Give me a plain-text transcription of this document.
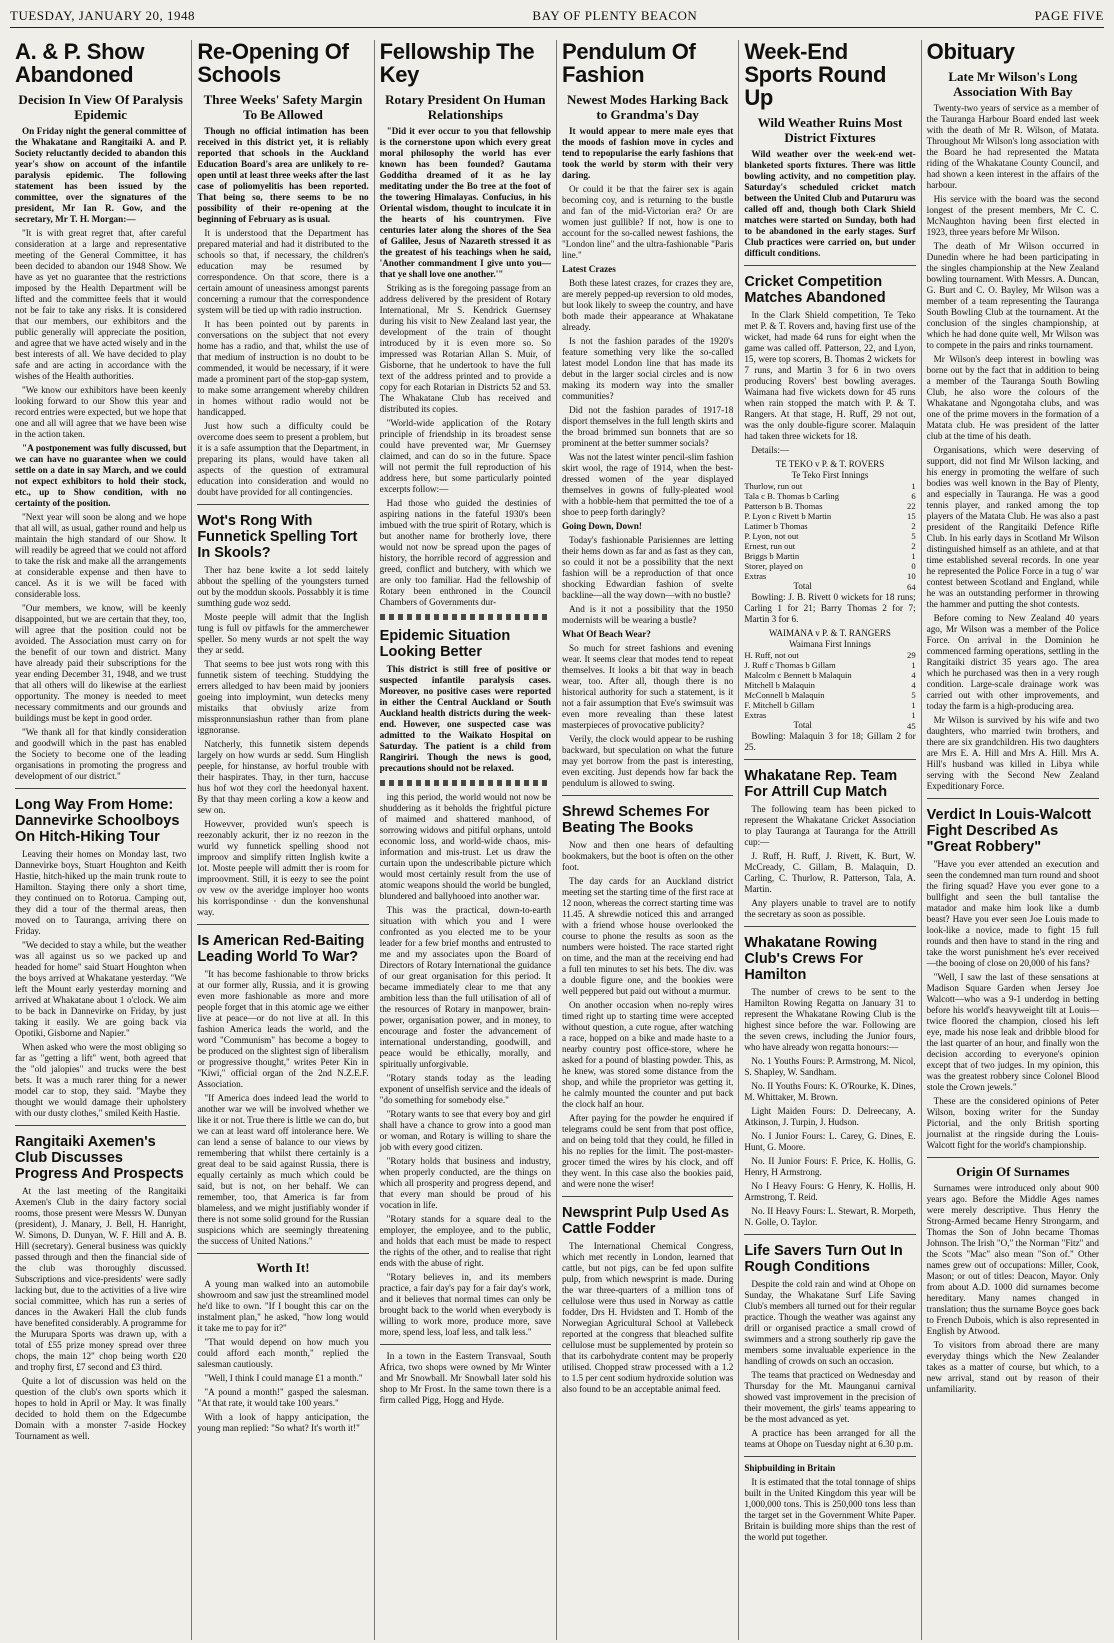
TUESDAY, JANUARY 20, 1948	BAY OF PLENTY BEACON	PAGE FIVE
A. & P. Show Abandoned
Decision In View Of Paralysis Epidemic

On Friday night the general committee of the Whakatane and Rangitaiki A. and P. Society reluctantly decided to abandon this year's show on account of the infantile paralysis epidemic. The following statement has been issued by the committee, over the signatures of the president, Mr Ian R. Gow, and the secretary, Mr T. H. Morgan:—

"It is with great regret that, after careful consideration at a large and representative meeting of the General Committee, it has been decided to abandon our 1948 Show. We have as yet no guarantee that the restrictions imposed by the Health Department will be lifted and the committee feels that it would not be fair to take any risks. It is considered that our members, our exhibitors and the public generally will appreciate the position, and agree that we have acted wisely and in the best interests of all. We have decided to play safe and are acting in accordance with the wishes of the Health authorities.

"We know our exhibitors have been keenly looking forward to our Show this year and record entries were expected, but we hope that one and all will agree that we have been wise in the action taken.

"A postponement was fully discussed, but we can have no guarantee when we could settle on a date in say March, and we could not expect exhibitors to hold their stock, etc., up to Show condition, with no certainty of the position.

"Next year will soon be along and we hope that all will, as usual, gather round and help us maintain the high standard of our Show. It will readily be agreed that we could not afford to take the risk and make all the arrangements at considerable expense and then have to cancel. As it is we will be faced with considerable loss.

"Our members, we know, will be keenly disappointed, but we are certain that they, too, will agree that the position could not be avoided. The Association must carry on for the benefit of our town and district. Many have already paid their subscriptions for the year ending December 31, 1948, and we trust that all others will do likewise at the earliest opportunity. The money is needed to meet necessary commitments and our grounds and buildings must be kept in good order.

"We thank all for that kindly consideration and goodwill which in the past has enabled the Society to become one of the leading organisations in promoting the progress and development of our district."

Long Way From Home: Dannevirke Schoolboys On Hitch-Hiking Tour

Leaving their homes on Monday last, two Dannevirke boys, Stuart Houghton and Keith Hastie, hitch-hiked up the main trunk route to Hamilton. Staying there only a short time, they continued on to Rotorua. Camping out, they did a tour of the thermal areas, then moved on to Tauranga, arriving there on Friday.

"We decided to stay a while, but the weather was all against us so we packed up and headed for home" said Stuart Houghton when the boys arrived at Whakatane yesterday. "We left the Mount early yesterday morning and arrived at Whakatane about 1 o'clock. We aim to be back in Dannevirke on Friday, by just taking it easily. We are going back via Opotiki, Gisborne and Napier."

When asked who were the most obliging so far as "getting a lift" went, both agreed that the "old jalopies" and trucks were the best bets. It was a much rarer thing for a newer model car to stop, they said. "Maybe they thought we would damage their upholstery with our dusty clothes," smiled Keith Hastie.

Rangitaiki Axemen's Club Discusses Progress And Prospects

At the last meeting of the Rangitaiki Axemen's Club in the dairy factory social rooms, those present were Messrs W. Dunyan (president), J. Manary, J. Bell, H. Hanright, W. Simons, D. Dunyan, W. F. Hill and A. B. Hill (secretary). General business was quickly passed through and then the financial side of the club was thoroughly discussed. Subscriptions and vice-presidents' were sadly lacking but, due to the activities of a live wire social committee, which has run a series of dances in the Awakeri Hall the club funds have benefited considerably. A programme for the Murupara Sports was drawn up, with a total of £55 prize money spread over three chops, the main 12" chop being worth £20 and trophy first, £7 second and £3 third.

Quite a lot of discussion was held on the question of the club's own sports which it hopes to hold in April or May. It was finally decided to hold them on the Edgecumbe Domain with a monster 7-aside Hockey Tournament as well.

Re-Opening Of Schools
Three Weeks' Safety Margin To Be Allowed

Though no official intimation has been received in this district yet, it is reliably reported that schools in the Auckland Education Board's area are unlikely to re-open until at least three weeks after the last case of poliomyelitis has been reported. That being so, there seems to be no possibility of their re-opening at the beginning of February as is usual.

It is understood that the Department has prepared material and had it distributed to the schools so that, if necessary, the children's education may be resumed by correspondence. On that score, there is a certain amount of uneasiness amongst parents concerning a rumour that the correspondence system will be tied up with radio instruction.

It has been pointed out by parents in conversations on the subject that not every home has a radio, and that, whilst the use of that medium of instruction is no doubt to be commended, it would be necessary, if it were made a prominent part of the stop-gap system, to make some arrangement whereby children in homes without radio would not be handicapped.

Just how such a difficulty could be overcome does seem to present a problem, but it is a safe assumption that the Department, in preparing its plans, would have taken all aspects of the question of extramural education into consideration and would no doubt have provided for all contingencies.

Wot's Rong With Funnetick Spelling Tort In Skools?

Ther haz bene kwite a lot sedd laitely abbout the spelling of the youngsters turned out by the moddun skools. Possabbly it is time sumthing gude woz sedd.

Moste peeple will admit that the Inglish tung is full ov pitfawls for the ammerchewer speller. So meny wurds ar not spelt the way they ar sedd.

That seems to bee just wots rong with this funnetik sistem of teeching. Studdying the errers alledged to hav been maid by jooniers goeing into imploymint, wun detecks meny mistaiks that obviusly arize from misspronnunsiashun rather than from plane iggnoranse.

Natcherly, this funnetik sistem depends largely on how wurds ar sedd. Sum Hinglish peeple, for hinstanse, av horful trouble with their haspirates. Thay, in ther turn, haccuse hus hof wot they corl the heedonyal haxent. By that thay meen corling a kow a keow and sew on.

Howevver, provided wun's speech is reezonably ackurit, ther iz no reezon in the wurld wy funnetick spelling shood not improov and simplify ritten Inglish kwite a lot. Moste peeple will admitt ther is room for improovment. Still, it is eezy to see the point ov vew ov the averidge imployer hoo wonts his korrispondinse · dun the konvenshunal way.

Is American Red-Baiting Leading World To War?

"It has become fashionable to throw bricks at our former ally, Russia, and it is growing even more fashionable as more and more people forget that in this atomic age we either live at peace—or do not live at all. In this fashion America leads the world, and the word "Communism" has become a bogey to be produced on the slightest sign of liberalism or progressive thought," writes Peter Kin in "Kiwi," official organ of the 2nd N.Z.E.F. Association.

"If America does indeed lead the world to another war we will be involved whether we like it or not. True there is little we can do, but we can at least ward off intolerance here. We can lend a sense of balance to our views by remembering that whilst there certainly is a great deal to be said against Russia, there is equally certainly as much which could be said, but is not, on her behalf. We can remember, too, that America is far from blameless, and we might justifiably wonder if there is not some solid ground for the Russian suspicions which are seemingly threatening the success of United Nations."

Worth It!

A young man walked into an automobile showroom and saw just the streamlined model he'd like to own. "If I bought this car on the instalment plan," he asked, "how long would it take me to pay for it?"

"That would depend on how much you could afford each month," replied the salesman cautiously.

"Well, I think I could manage £1 a month."

"A pound a month!" gasped the salesman. "At that rate, it would take 100 years."

With a look of happy anticipation, the young man replied: "So what? It's worth it!"

Fellowship The Key
Rotary President On Human Relationships

"Did it ever occur to you that fellowship is the cornerstone upon which every great moral philosophy the world has ever known has been founded? Gautama Godditha dreamed of it as he lay meditating under the Bo tree at the foot of the towering Himalayas. Confucius, in his Oriental wisdom, thought to inculcate it in the hearts of his countrymen. Five centuries later along the shores of the Sea of Galilee, Jesus of Nazareth stressed it as the greatest of his teachings when he said, 'Another commandment I give unto you—that ye shall love one another.'"

Striking as is the foregoing passage from an address delivered by the president of Rotary International, Mr S. Kendrick Guernsey during his visit to New Zealand last year, the development of the train of thought introduced by it is even more so. So impressed was Rotarian Allan S. Muir, of Gisborne, that he undertook to have the full text of the address printed and to provide a copy for each Rotarian in Districts 52 and 53. The Whakatane Club has received and distributed its copies.

"World-wide application of the Rotary principle of friendship in its broadest sense could have prevented war, Mr Guernsey claimed, and can do so in the future. Space will not permit the full reproduction of his address here, but some particularly pointed excerpts follow:—

Had those who guided the destinies of aspiring nations in the fateful 1930's been imbued with the true spirit of Rotary, which is but another name for brotherly love, there would not now be spread upon the pages of history, the horrible record of aggression and greed, conflict and butchery, with which we are only too familiar. Had the fellowship of Rotary been enthroned in the Council Chambers of Governments dur-

Epidemic Situation Looking Better

This district is still free of positive or suspected infantile paralysis cases. Moreover, no positive cases were reported in either the Central Auckland or South Auckland health districts during the week-end. However, one suspected case was admitted to the Waikato Hospital on Saturday. The patient is a child from Rangiriri. Though the news is good, precautions should not be relaxed.

ing this period, the world would not now be shuddering as it beholds the frightful picture of maimed and shattered manhood, of sorrowing widows and pitiful orphans, untold economic loss, and world-wide chaos, mis-information and mis-trust. Let us draw the curtain upon the undescribable picture which would most certainly result from the use of atomic weapons should the world be bungled, blundered and ballyhooed into another war.

This was the practical, down-to-earth situation with which you and I were confronted as you elected me to be your leader for a few brief months and entrusted to me and my associates upon the Board of Directors of Rotary International the guidance of our great organisation for this period. It became immediately clear to me that any ambition less than the full utilisation of all of the resources of Rotary in manpower, brain-power, organisation power, and in money, to encourage and foster the advancement of international understanding, goodwill, and peace would be ethically, morally, and spiritually unforgivable.

"Rotary stands today as the leading exponent of unselfish service and the ideals of "do something for somebody else."

"Rotary wants to see that every boy and girl shall have a chance to grow into a good man or woman, and Rotary is willing to share the job with every good citizen.

"Rotary holds that business and industry, when properly conducted, are the things on which all prosperity and progress depend, and that every man should be proud of his vocation in life.

"Rotary stands for a square deal to the employer, the employee, and to the public, and holds that each must be made to respect the rights of the other, and to realise that right ends with the abuse of right.

"Rotary believes in, and its members practice, a fair day's pay for a fair day's work, and it believes that normal times can only be brought back to the world when everybody is willing to work more, produce more, save more, spend less, loaf less, and talk less."

In a town in the Eastern Transvaal, South Africa, two shops were owned by Mr Winter and Mr Snowball. Mr Snowball later sold his shop to Mr Frost. In the same town there is a firm called Pigg, Hogg and Hyde.

Pendulum Of Fashion
Newest Modes Harking Back to Grandma's Day

It would appear to mere male eyes that the moods of fashion move in cycles and tend to repopularise the early fashions that took the world by storm with their very daring.

Or could it be that the fairer sex is again becoming coy, and is returning to the bustle and fan of the mid-Victorian era? Or are women just gullible? If not, how is one to account for the so-called newest fashions, the "London line" and the ultra-fashionable "Paris line."

Latest Crazes

Both these latest crazes, for crazes they are, are merely pepped-up reversion to old modes, but look likely to sweep the country, and have both made their appearance at Whakatane already.

Is not the fashion parades of the 1920's feature something very like the so-called latest model London line that has made its debut in the larger social circles and is now making its modern way into the smaller communities?

Did not the fashion parades of 1917-18 disport themselves in the full length skirts and the broad brimmed sun bonnets that are so prominent at the better summer socials?

Was not the latest winter pencil-slim fashion skirt wool, the rage of 1914, when the best-dressed women of the year displayed themselves in gowns of fully-pleated wool with a hobble-hem that permitted the toe of a shoe to peep forth daringly?

Going Down, Down!

Today's fashionable Parisiennes are letting their hems down as far and as fast as they can, so could it not be a possibility that the next fashion will be a reproduction of that once shocking Edwardian fashion of svelte backline—all the way down—with no bustle?

And is it not a possibility that the 1950 modernists will be wearing a bustle?

What Of Beach Wear?

So much for street fashions and evening wear. It seems clear that modes tend to repeat themselves. It looks a bit that way in beach wear, too. After all, though there is no historical authority for such a statement, is it not a fair assumption that Eve's swimsuit was even more revealing than these latest masterpieces of provocative publicity?

Verily, the clock would appear to be rushing backward, but speculation on what the future may yet borrow from the past is interesting, even exciting. Just depends how far back the pendulum is allowed to swing.

Shrewd Schemes For Beating The Books

Now and then one hears of defaulting bookmakers, but the boot is often on the other foot.

The day cards for an Auckland district meeting set the starting time of the first race at 12 noon, whereas the correct starting time was 11.45. A shrewdie noticed this and arranged with a friend whose house overlooked the course to phone the results as soon as the numbers were hoisted. The race started right on time, and the man at the receiving end had a full ten minutes to set his bets. The div. was a double figure one, and the bookies were well peppered but paid out without a murmur.

On another occasion when no-reply wires timed right up to starting time were accepted without question, a cute rogue, after watching a race, hopped on a bike and made haste to a nearby country post office-store, where he asked for a pound of blasting powder. This, as he knew, was stored some distance from the shop, and while the proprietor was getting it, he calmly mounted the counter and put back the clock half an hour.

After paying for the powder he enquired if telegrams could be sent from that post office, and on being told that they could, he filled in his no replies for the limit. The post-master-grocer timed the wires by his clock, and off they went. In this case also the bookies paid, and were none the wiser!

Newsprint Pulp Used As Cattle Fodder

The International Chemical Congress, which met recently in London, learned that cattle, but not pigs, can be fed upon sulfite pulp, from which newsprint is made. During the war three-quarters of a million tons of cellulose were thus used in Norway as cattle fodder, Drs H. Hvidsten and T. Homb of the Norwegian Agricultural School at Vallebeck reported at the congress that bleached sulfite cellulose must be supplemented by protein so that its carbohydrate content may be properly utilised. Chopped straw processed with a 1.2 to 1.5 per cent sodium hydroxide solution was also found to be an acceptable animal feed.

Week-End Sports Round Up
Wild Weather Ruins Most District Fixtures

Wild weather over the week-end wet-blanketed sports fixtures. There was little bowling activity, and no competition play. Saturday's scheduled cricket match between the United Club and Putaruru was called off and, though both Clark Shield matches were started on Sunday, both had to be abandoned in the early stages. Surf Club practices were carried on, but under difficult conditions.

Cricket Competition Matches Abandoned

In the Clark Shield competition, Te Teko met P. & T. Rovers and, having first use of the wicket, had made 64 runs for eight when the game was called off. Patterson, 22, and Lyon, 15, were top scorers, B. Thomas 2 wickets for 7 runs, and Martin 3 for 6 in two overs producing Rovers' best bowling averages. Waimana had five wickets down for 45 runs when rain stopped the match with P. & T. Rangers. At that stage, H. Ruff, 29 not out, was the only double-figure scorer. Malaquin had taken three wickets for 18.

Details:—

TE TEKO v P. & T. ROVERS
Te Teko First Innings
Thurlow, run out	1
Tala c B. Thomas b Carling	6
Patterson b B. Thomas	22
P. Lyon c Rivett b Martin	15
Latimer b Thomas	2
P. Lyon, not out	5
Ernest, run out	2
Briggs b Martin	1
Storer, played on	0
Extras	10
Total	64

Bowling: J. B. Rivett 0 wickets for 18 runs; Carling 1 for 21; Barry Thomas 2 for 7; Martin 3 for 6.

WAIMANA v P. & T. RANGERS
Waimana First Innings
H. Ruff, not out	29
J. Ruff c Thomas b Gillam	1
Malcolm c Bennett b Malaquin	4
Mitchell b Malaquin	4
McConnell b Malaquin	5
F. Mitchell b Gillam	1
Extras	1
Total	45

Bowling: Malaquin 3 for 18; Gillam 2 for 25.

Whakatane Rep. Team For Attrill Cup Match

The following team has been picked to represent the Whakatane Cricket Association to play Tauranga at Tauranga for the Attrill cup:—

J. Ruff, H. Ruff, J. Rivett, K. Burt, W. McCready, C. Gillam, B. Malaquin, D. Carling, C. Thurlow, R. Patterson, Tala, A. Martin.

Any players unable to travel are to notify the secretary as soon as possible.

Whakatane Rowing Club's Crews For Hamilton

The number of crews to be sent to the Hamilton Rowing Regatta on January 31 to represent the Whakatane Rowing Club is the highest since before the war. Following are the seven crews, including the Junior fours, who have already won regatta honours:—

No. 1 Youths Fours: P. Armstrong, M. Nicol, S. Shapley, W. Sandham.

No. II Youths Fours: K. O'Rourke, K. Dines, M. Whittaker, M. Brown.

Light Maiden Fours: D. Delreecany, A. Atkinson, J. Turpin, J. Hudson.

No. I Junior Fours: L. Carey, G. Dines, E. Hunt, G. Moore.

No. II Junior Fours: F. Price, K. Hollis, G. Henry, H Armstrong.

No I Heavy Fours: G Henry, K. Hollis, H. Armstrong, T. Reid.

No. II Heavy Fours: L. Stewart, R. Morpeth, N. Golle, O. Taylor.

Life Savers Turn Out In Rough Conditions

Despite the cold rain and wind at Ohope on Sunday, the Whakatane Surf Life Saving Club's members all turned out for their regular practice. Though the weather was against any drill or organised practice a small crowd of swimmers and a strong southerly rip gave the members some invaluable experience in the handling of crowds on such an occasion.

The teams that practiced on Wednesday and Thursday for the Mt. Maunganui carnival showed vast improvement in the precision of their movement, the girls' teams appearing to be the most advanced as yet.

A practice has been arranged for all the teams at Ohope on Tuesday night at 6.30 p.m.

Shipbuilding in Britain

It is estimated that the total tonnage of ships built in the United Kingdom this year will be 1,000,000 tons. This is 250,000 tons less than the target set in the Government White Paper. Britain is building more ships than the rest of the world put together.

Obituary
Late Mr Wilson's Long Association With Bay

Twenty-two years of service as a member of the Tauranga Harbour Board ended last week with the death of Mr R. Wilson, of Matata. Throughout Mr Wilson's long association with the Board he had represented the Matata riding of the Whakatane County Council, and had shown a keen interest in the affairs of the harbour.

His service with the board was the second longest of the present members, Mr C. C. McNaughton having been first elected in 1923, three years before Mr Wilson.

The death of Mr Wilson occurred in Dunedin where he had been participating in the singles championship at the New Zealand bowling tournament. With Messrs. A. Duncan, G. Burt and C. O. Bayley, Mr Wilson was a member of a team representing the Tauranga South Bowling Club at the tournament. At the conclusion of the singles championship, at which he had done quite well, Mr Wilson was to compete in the pairs and rinks tournament.

Mr Wilson's deep interest in bowling was borne out by the fact that in addition to being a member of the Tauranga South Bowling Club, he also wore the colours of the Whakatane and Ngongotaha clubs, and was one of the prime movers in the formation of a Matata club. He was president of the latter club at the time of his death.

Organisations, which were deserving of support, did not find Mr Wilson lacking, and his energy in promoting the welfare of such bodies was well known in the Bay of Plenty, and especially in Tauranga. He was a good tennis player, and ranked among the top players of the Matata Club. He was also a past president of the Rangitaiki Defence Rifle Club. In his early days in Scotland Mr Wilson distinguished himself as an athlete, and at that time established several records. In one year he represented the Police Force in a tug o' war contest between Scotland and England, while he was an outstanding performer in throwing the hammer and putting the shot contests.

Before coming to New Zealand 40 years ago, Mr Wilson was a member of the Police Force. On arrival in the Dominion he commenced farming operations, settling in the Rangitaiki district 35 years ago. The area which he purchased was then in a very rough condition. Large-scale drainage work was carried out with other improvements, and today the farm is a high-producing area.

Mr Wilson is survived by his wife and two daughters, who married twin brothers, and there are six grandchildren. His two daughters are Mrs E. A. Hill and Mrs A. Hill. Mrs A. Hill's husband was killed in Libya while serving with the Second New Zealand Expeditionary Force.

Verdict In Louis-Walcott Fight Described As "Great Robbery"

"Have you ever attended an execution and seen the condemned man turn round and shoot the firing squad? Have you ever gone to a bullfight and seen the bull tantalise the matador and make him look like a dumb beast? Have you ever seen Joe Louis made to look-like a novice, made to fight 15 full rounds and then have to stand in the ring and take the worst punishment he's ever received—the booing of close on 20,000 of his fans?

"Well, I saw the last of these sensations at Madison Square Garden when Jersey Joe Walcott—who was a 9-1 underdog in betting before his world's heavyweight tilt at Louis—twice floored the champion, closed his left eye, made his nose leak and dribble blood for the last quarter of an hour, and finally won the decision according to everyone's opinion except that of two judges. In my opinion, this was the greatest robbery since Colonel Blood stole the Crown jewels."

These are the considered opinions of Peter Wilson, boxing writer for the Sunday Pictorial, and the only British sporting journalist at the ringside during the Louis-Walcott fight for the world's championship.

Origin Of Surnames

Surnames were introduced only about 900 years ago. Before the Middle Ages names were merely descriptive. Thus Henry the Strong-Armed became Henry Strongarm, and Thomas the Son of John became Thomas Johnson. The Irish "O," the Norman "Fitz" and the Scots "Mac" also mean "Son of." Other names grew out of occupations: Miller, Cook, Mason; or out of titles: Deacon, Mayor. Only from about A.D. 1000 did surnames become hereditary. Many names changed in translation; thus the surname Boyce goes back to French Dubois, which is also represented in English by Atwood.

To visitors from abroad there are many everyday things which the New Zealander takes as a matter of course, but which, to a new arrival, stand out by reason of their unfamiliarity.
